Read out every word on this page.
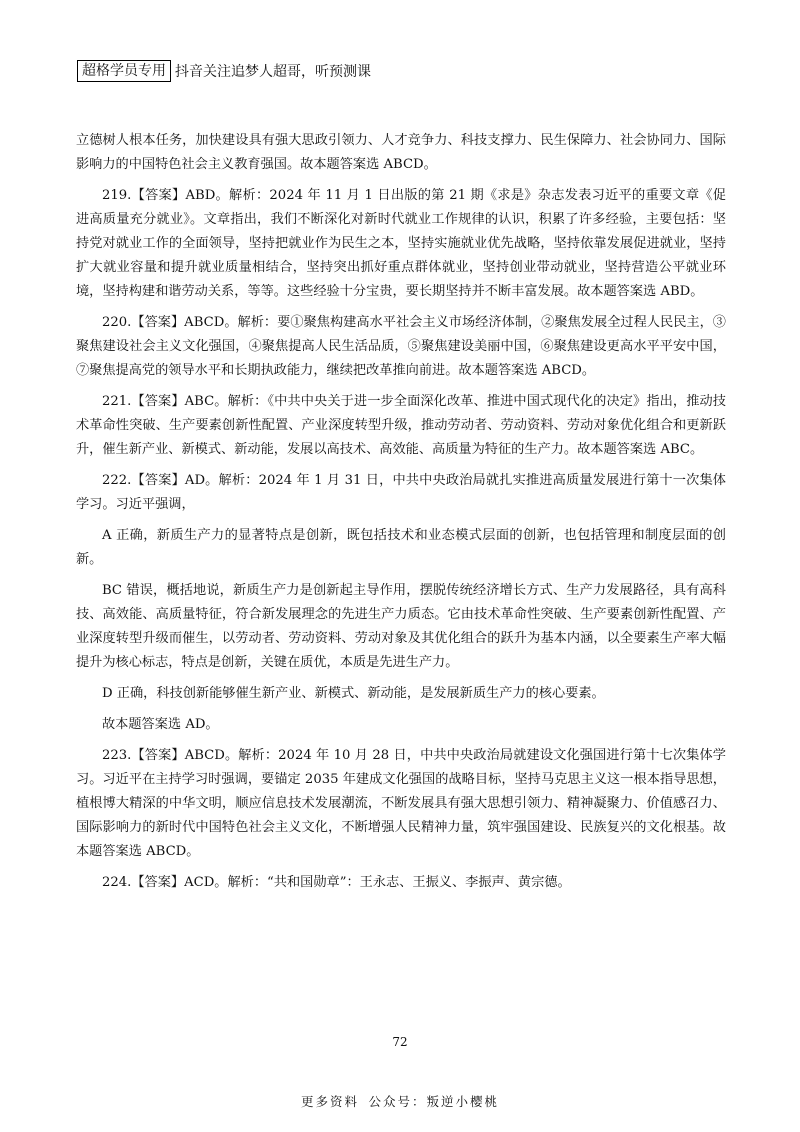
超格学员专用 抖音关注追梦人超哥，听预测课

立德树人根本任务，加快建设具有强大思政引领力、人才竞争力、科技支撑力、民生保障力、社会协同力、国际影响力的中国特色社会主义教育强国。故本题答案选 ABCD。

219.【答案】ABD。解析：2024 年 11 月 1 日出版的第 21 期《求是》杂志发表习近平的重要文章《促进高质量充分就业》。文章指出，我们不断深化对新时代就业工作规律的认识，积累了许多经验，主要包括：坚持党对就业工作的全面领导，坚持把就业作为民生之本，坚持实施就业优先战略，坚持依靠发展促进就业，坚持扩大就业容量和提升就业质量相结合，坚持突出抓好重点群体就业，坚持创业带动就业，坚持营造公平就业环境，坚持构建和谐劳动关系，等等。这些经验十分宝贵，要长期坚持并不断丰富发展。故本题答案选 ABD。

220.【答案】ABCD。解析：要①聚焦构建高水平社会主义市场经济体制，②聚焦发展全过程人民民主，③聚焦建设社会主义文化强国，④聚焦提高人民生活品质，⑤聚焦建设美丽中国，⑥聚焦建设更高水平平安中国，⑦聚焦提高党的领导水平和长期执政能力，继续把改革推向前进。故本题答案选 ABCD。

221.【答案】ABC。解析：《中共中央关于进一步全面深化改革、推进中国式现代化的决定》指出，推动技术革命性突破、生产要素创新性配置、产业深度转型升级，推动劳动者、劳动资料、劳动对象优化组合和更新跃升，催生新产业、新模式、新动能，发展以高技术、高效能、高质量为特征的生产力。故本题答案选 ABC。

222.【答案】AD。解析：2024 年 1 月 31 日，中共中央政治局就扎实推进高质量发展进行第十一次集体学习。习近平强调，

A 正确，新质生产力的显著特点是创新，既包括技术和业态模式层面的创新，也包括管理和制度层面的创新。

BC 错误，概括地说，新质生产力是创新起主导作用，摆脱传统经济增长方式、生产力发展路径，具有高科技、高效能、高质量特征，符合新发展理念的先进生产力质态。它由技术革命性突破、生产要素创新性配置、产业深度转型升级而催生，以劳动者、劳动资料、劳动对象及其优化组合的跃升为基本内涵，以全要素生产率大幅提升为核心标志，特点是创新，关键在质优，本质是先进生产力。

D 正确，科技创新能够催生新产业、新模式、新动能，是发展新质生产力的核心要素。

故本题答案选 AD。

223.【答案】ABCD。解析：2024 年 10 月 28 日，中共中央政治局就建设文化强国进行第十七次集体学习。习近平在主持学习时强调，要锚定 2035 年建成文化强国的战略目标，坚持马克思主义这一根本指导思想，植根博大精深的中华文明，顺应信息技术发展潮流，不断发展具有强大思想引领力、精神凝聚力、价值感召力、国际影响力的新时代中国特色社会主义文化，不断增强人民精神力量，筑牢强国建设、民族复兴的文化根基。故本题答案选 ABCD。

224.【答案】ACD。解析：“共和国勋章”：王永志、王振义、李振声、黄宗德。

72
更多资料 公众号：叛逆小樱桃
